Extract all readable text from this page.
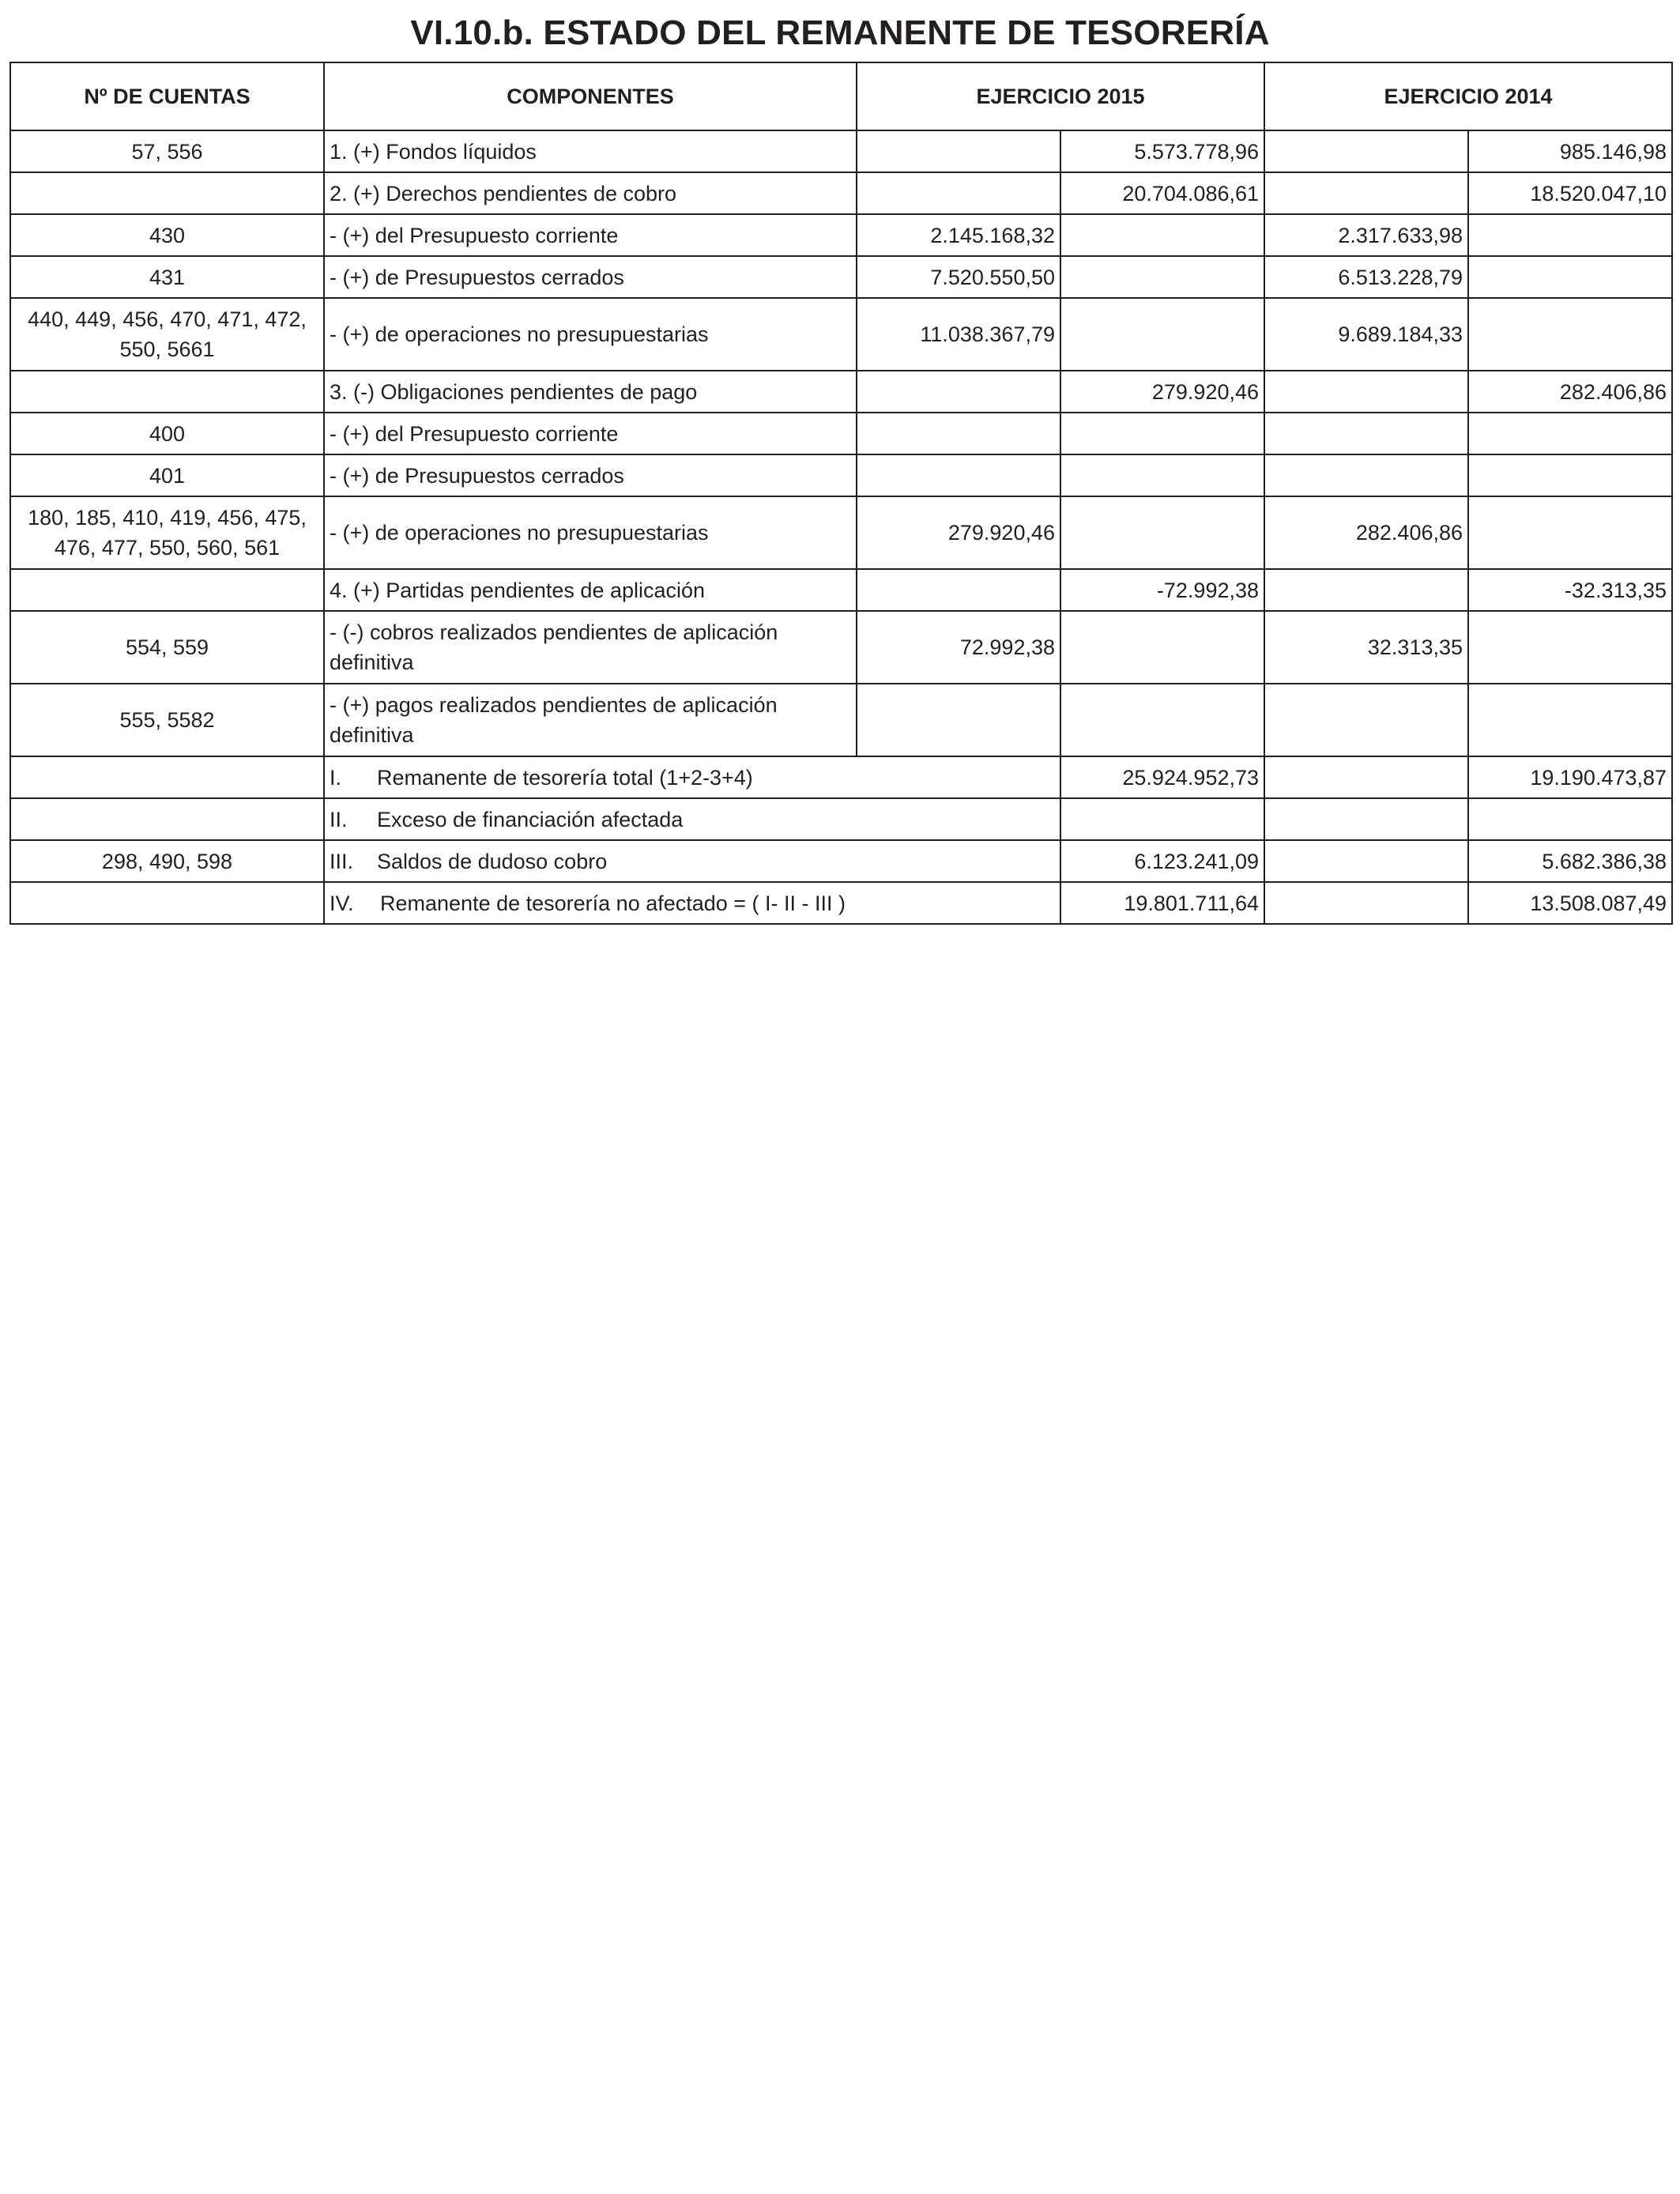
VI.10.b. ESTADO DEL REMANENTE DE TESORERÍA
Nº DE CUENTAS	COMPONENTES	EJERCICIO 2015		EJERCICIO 2014	
57, 556	1. (+) Fondos líquidos		5.573.778,96		985.146,98
	2. (+) Derechos pendientes de cobro		20.704.086,61		18.520.047,10
430	- (+) del Presupuesto corriente	2.145.168,32		2.317.633,98	
431	- (+) de Presupuestos cerrados	7.520.550,50		6.513.228,79	
440, 449, 456, 470, 471, 472, 550, 5661	- (+) de operaciones no presupuestarias	11.038.367,79		9.689.184,33	
	3. (-) Obligaciones pendientes de pago		279.920,46		282.406,86
400	- (+) del Presupuesto corriente				
401	- (+) de Presupuestos cerrados				
180, 185, 410, 419, 456, 475, 476, 477, 550, 560, 561	- (+) de operaciones no presupuestarias	279.920,46		282.406,86	
	4. (+) Partidas pendientes de aplicación		-72.992,38		-32.313,35
554, 559	- (-) cobros realizados pendientes de aplicación definitiva	72.992,38		32.313,35	
555, 5582	- (+) pagos realizados pendientes de aplicación definitiva				
	I. Remanente de tesorería total (1+2-3+4)		25.924.952,73		19.190.473,87
	II. Exceso de financiación afectada				
298, 490, 598	III. Saldos de dudoso cobro		6.123.241,09		5.682.386,38
	IV. Remanente de tesorería no afectado = ( I- II - III )		19.801.711,64		13.508.087,49
